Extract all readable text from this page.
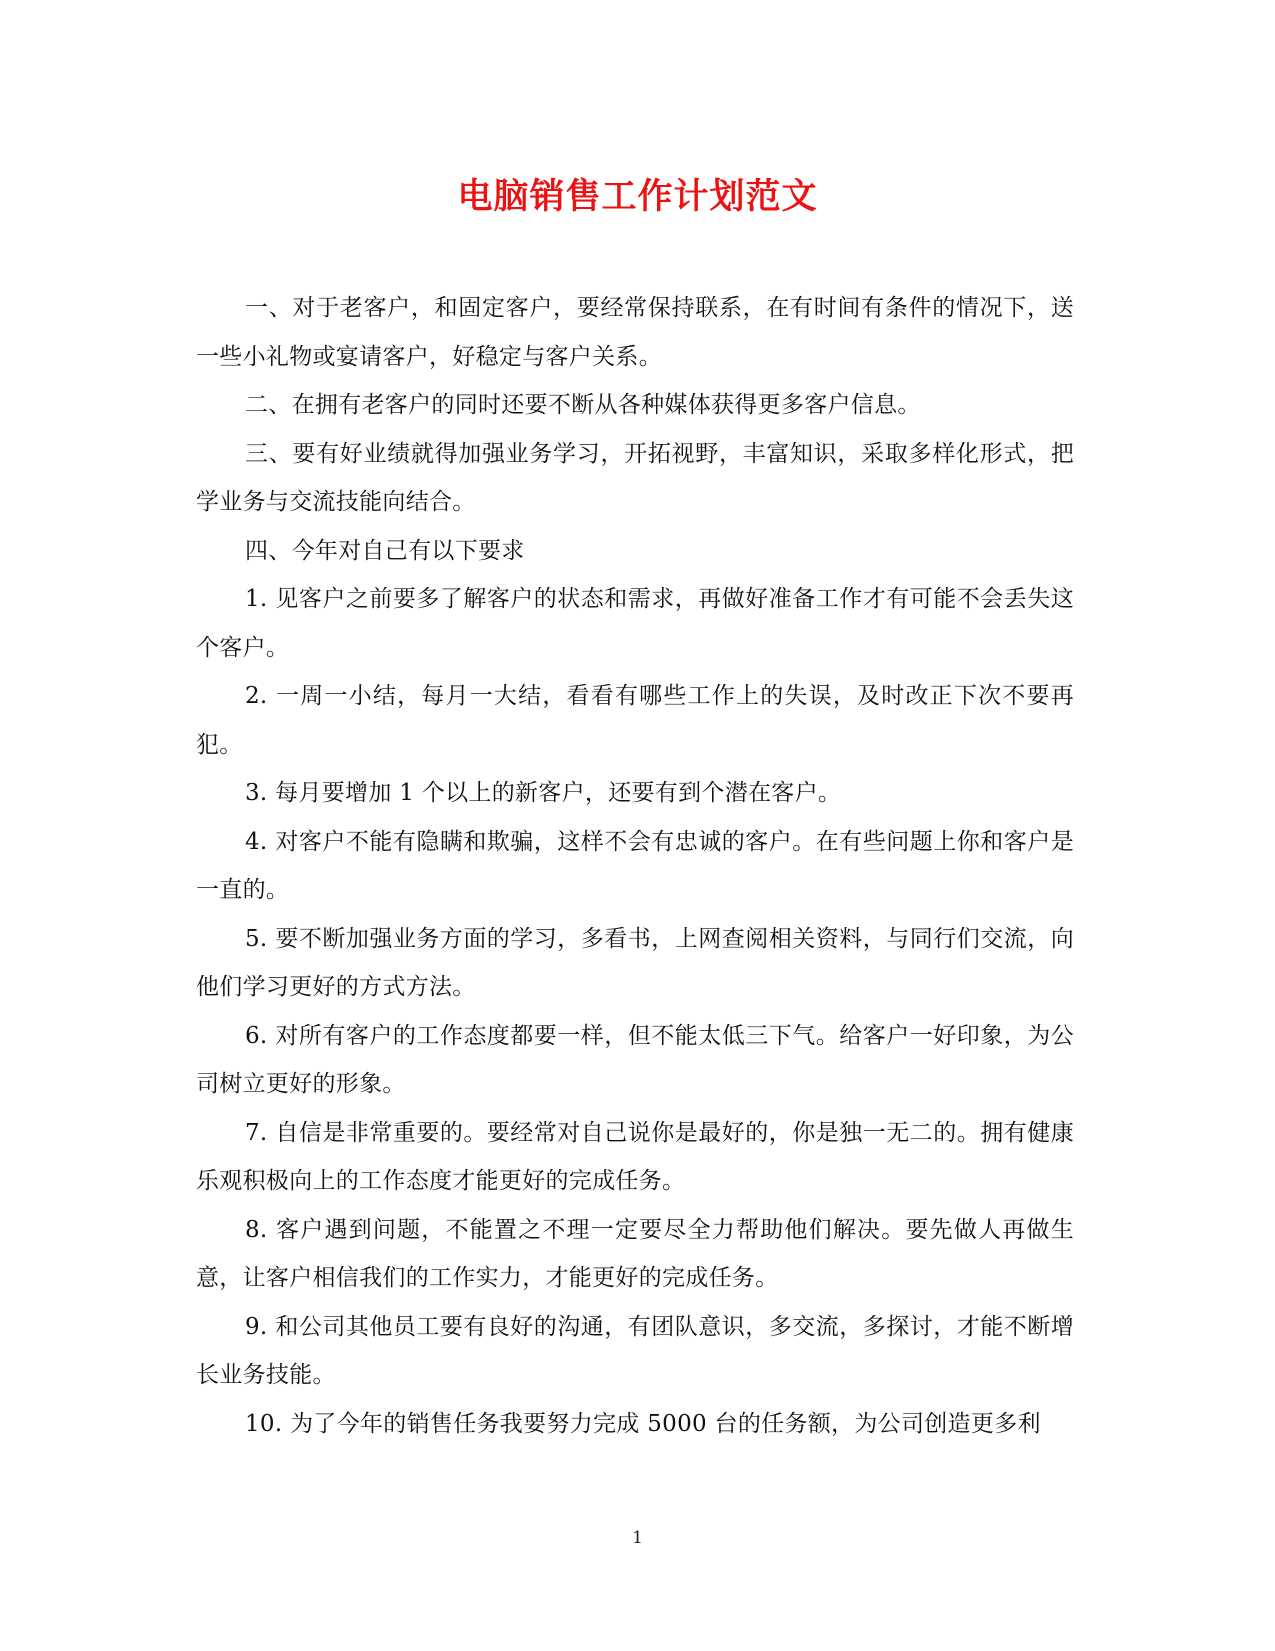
电脑销售工作计划范文

一、对于老客户，和固定客户，要经常保持联系，在有时间有条件的情况下，送一些小礼物或宴请客户，好稳定与客户关系。

二、在拥有老客户的同时还要不断从各种媒体获得更多客户信息。

三、要有好业绩就得加强业务学习，开拓视野，丰富知识，采取多样化形式，把学业务与交流技能向结合。

四、今年对自己有以下要求

1. 见客户之前要多了解客户的状态和需求，再做好准备工作才有可能不会丢失这个客户。

2. 一周一小结，每月一大结，看看有哪些工作上的失误，及时改正下次不要再犯。

3. 每月要增加 1 个以上的新客户，还要有到个潜在客户。

4. 对客户不能有隐瞒和欺骗，这样不会有忠诚的客户。在有些问题上你和客户是一直的。

5. 要不断加强业务方面的学习，多看书，上网查阅相关资料，与同行们交流，向他们学习更好的方式方法。

6. 对所有客户的工作态度都要一样，但不能太低三下气。给客户一好印象，为公司树立更好的形象。

7. 自信是非常重要的。要经常对自己说你是最好的，你是独一无二的。拥有健康乐观积极向上的工作态度才能更好的完成任务。

8. 客户遇到问题，不能置之不理一定要尽全力帮助他们解决。要先做人再做生意，让客户相信我们的工作实力，才能更好的完成任务。

9. 和公司其他员工要有良好的沟通，有团队意识，多交流，多探讨，才能不断增长业务技能。

10. 为了今年的销售任务我要努力完成 5000 台的任务额，为公司创造更多利

1
